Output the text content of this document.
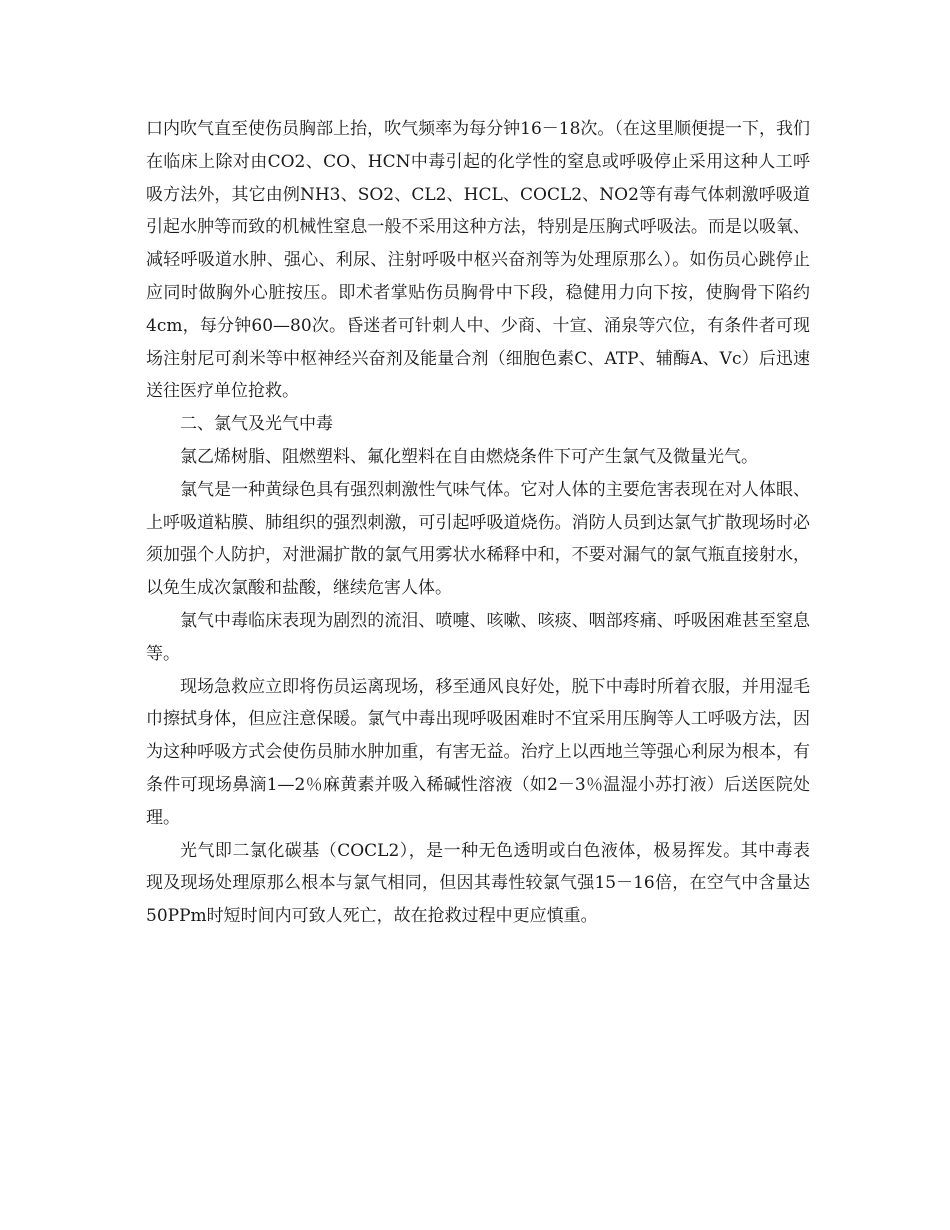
口内吹气直至使伤员胸部上抬，吹气频率为每分钟16－18次。（在这里顺便提一下，我们在临床上除对由CO2、CO、HCN中毒引起的化学性的窒息或呼吸停止采用这种人工呼吸方法外，其它由例NH3、SO2、CL2、HCL、COCL2、NO2等有毒气体刺激呼吸道引起水肿等而致的机械性窒息一般不采用这种方法，特别是压胸式呼吸法。而是以吸氧、减轻呼吸道水肿、强心、利尿、注射呼吸中枢兴奋剂等为处理原那么）。如伤员心跳停止应同时做胸外心脏按压。即术者掌贴伤员胸骨中下段，稳健用力向下按，使胸骨下陷约4cm，每分钟60—80次。昏迷者可针刺人中、少商、十宣、涌泉等穴位，有条件者可现场注射尼可刹米等中枢神经兴奋剂及能量合剂（细胞色素C、ATP、辅酶A、Vc）后迅速送往医疗单位抢救。

二、氯气及光气中毒

氯乙烯树脂、阻燃塑料、氟化塑料在自由燃烧条件下可产生氯气及微量光气。

氯气是一种黄绿色具有强烈刺激性气味气体。它对人体的主要危害表现在对人体眼、上呼吸道粘膜、肺组织的强烈刺激，可引起呼吸道烧伤。消防人员到达氯气扩散现场时必须加强个人防护，对泄漏扩散的氯气用雾状水稀释中和，不要对漏气的氯气瓶直接射水，以免生成次氯酸和盐酸，继续危害人体。

氯气中毒临床表现为剧烈的流泪、喷嚏、咳嗽、咳痰、咽部疼痛、呼吸困难甚至窒息等。

现场急救应立即将伤员运离现场，移至通风良好处，脱下中毒时所着衣服，并用湿毛巾擦拭身体，但应注意保暖。氯气中毒出现呼吸困难时不宜采用压胸等人工呼吸方法，因为这种呼吸方式会使伤员肺水肿加重，有害无益。治疗上以西地兰等强心利尿为根本，有条件可现场鼻滴1—2％麻黄素并吸入稀碱性溶液（如2－3％温湿小苏打液）后送医院处理。

光气即二氯化碳基（COCL2），是一种无色透明或白色液体，极易挥发。其中毒表现及现场处理原那么根本与氯气相同，但因其毒性较氯气强15－16倍，在空气中含量达50PPm时短时间内可致人死亡，故在抢救过程中更应慎重。
